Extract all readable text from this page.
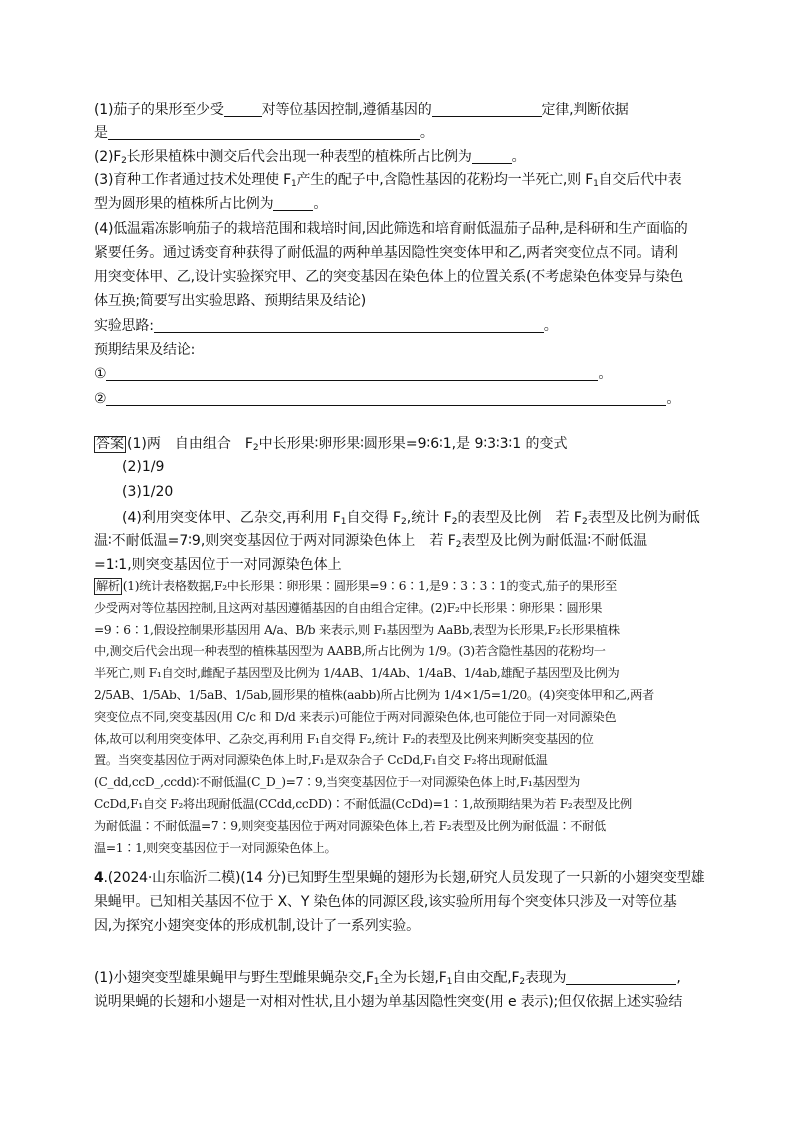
(1)茄子的果形至少受	对等位基因控制,遵循基因的	定律,判断依据
是	。
$(2)F_2$长形果植株中测交后代会出现一种表型的植株所占比例为	。
(3)育种工作者通过技术处理使 $F_1$产生的配子中,含隐性基因的花粉均一半死亡,则 $F_1$自交后代中表
型为圆形果的植株所占比例为	。
(4)低温霜冻影响茄子的栽培范围和栽培时间,因此筛选和培育耐低温茄子品种,是科研和生产面临的
紧要任务。通过诱变育种获得了耐低温的两种单基因隐性突变体甲和乙,两者突变位点不同。请利
用突变体甲、乙,设计实验探究甲、乙的突变基因在染色体上的位置关系(不考虑染色体变异与染色
体互换;简要写出实验思路、预期结果及结论)
实验思路:	。
预期结果及结论:
①	。
②	。
答案 (1)两　自由组合　$F_2$中长形果∶卵形果∶圆形果=9∶6∶1,是 9∶3∶3∶1 的变式
(2)1/9
(3)1/20
(4)利用突变体甲、乙杂交,再利用 $F_1$自交得 $F_2$,统计 $F_2$的表型及比例　若 $F_2$表型及比例为耐低
温∶不耐低温=7∶9,则突变基因位于两对同源染色体上　若 $F_2$表型及比例为耐低温∶不耐低温
=1∶1,则突变基因位于一对同源染色体上
解析 (1)统计表格数据,F₂中长形果∶卵形果∶圆形果=9∶6∶1,是9∶3∶3∶1的变式,茄子的果形至
少受两对等位基因控制,且这两对基因遵循基因的自由组合定律。(2)F₂中长形果∶卵形果∶圆形果
=9∶6∶1,假设控制果形基因用 A/a、B/b 来表示,则 F₁基因型为 AaBb,表型为长形果,F₂长形果植株
中,测交后代会出现一种表型的植株基因型为 AABB,所占比例为 1/9。(3)若含隐性基因的花粉均一
半死亡,则 F₁自交时,雌配子基因型及比例为 1/4AB、1/4Ab、1/4aB、1/4ab,雄配子基因型及比例为
2/5AB、1/5Ab、1/5aB、1/5ab,圆形果的植株(aabb)所占比例为 1/4×1/5=1/20。(4)突变体甲和乙,两者
突变位点不同,突变基因(用 C/c 和 D/d 来表示)可能位于两对同源染色体,也可能位于同一对同源染色
体,故可以利用突变体甲、乙杂交,再利用 F₁自交得 F₂,统计 F₂的表型及比例来判断突变基因的位
置。当突变基因位于两对同源染色体上时,F₁是双杂合子 CcDd,F₁自交 F₂将出现耐低温
(C_dd,ccD_,ccdd)∶不耐低温(C_D_)=7∶9,当突变基因位于一对同源染色体上时,F₁基因型为
CcDd,F₁自交 F₂将出现耐低温(CCdd,ccDD)∶不耐低温(CcDd)=1∶1,故预期结果为若 F₂表型及比例
为耐低温∶不耐低温=7∶9,则突变基因位于两对同源染色体上,若 F₂表型及比例为耐低温∶不耐低
温=1∶1,则突变基因位于一对同源染色体上。
4.(2024·山东临沂二模)(14 分)已知野生型果蝇的翅形为长翅,研究人员发现了一只新的小翅突变型雄
果蝇甲。已知相关基因不位于 X、Y 染色体的同源区段,该实验所用每个突变体只涉及一对等位基
因,为探究小翅突变体的形成机制,设计了一系列实验。
(1)小翅突变型雄果蝇甲与野生型雌果蝇杂交$,F_1$全为长翅$,F_1$自由交配$,F_2$表现为	,
说明果蝇的长翅和小翅是一对相对性状,且小翅为单基因隐性突变(用 e 表示);但仅依据上述实验结
